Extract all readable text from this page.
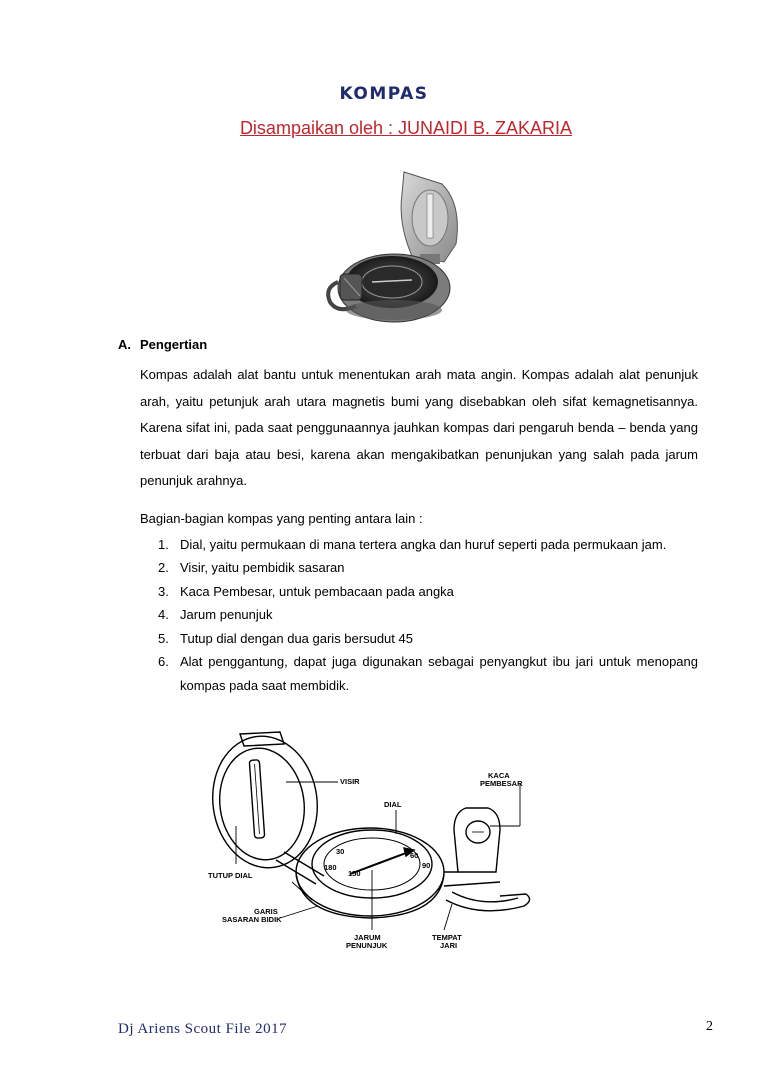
KOMPAS

Disampaikan oleh : JUNAIDI B. ZAKARIA

A. Pengertian

Kompas adalah alat bantu untuk menentukan arah mata angin. Kompas adalah alat penunjuk arah, yaitu petunjuk arah utara magnetis bumi yang disebabkan oleh sifat kemagnetisannya. Karena sifat ini, pada saat penggunaannya jauhkan kompas dari pengaruh benda – benda yang terbuat dari baja atau besi, karena akan mengakibatkan penunjukan yang salah pada jarum penunjuk arahnya.

Bagian-bagian kompas yang penting antara lain :

1. Dial, yaitu permukaan di mana tertera angka dan huruf seperti pada permukaan jam.
2. Visir, yaitu pembidik sasaran
3. Kaca Pembesar, untuk pembacaan pada angka
4. Jarum penunjuk
5. Tutup dial dengan dua garis bersudut 45
6. Alat penggantung, dapat juga digunakan sebagai penyangkut ibu jari untuk menopang kompas pada saat membidik.
30	60
90
150
180
VISIR
KACA
PEMBESAR
DIAL
TUTUP DIAL
GARIS
SASARAN BIDIK
JARUM
PENUNJUK
TEMPAT
JARI
Dj Ariens Scout File 2017	2
